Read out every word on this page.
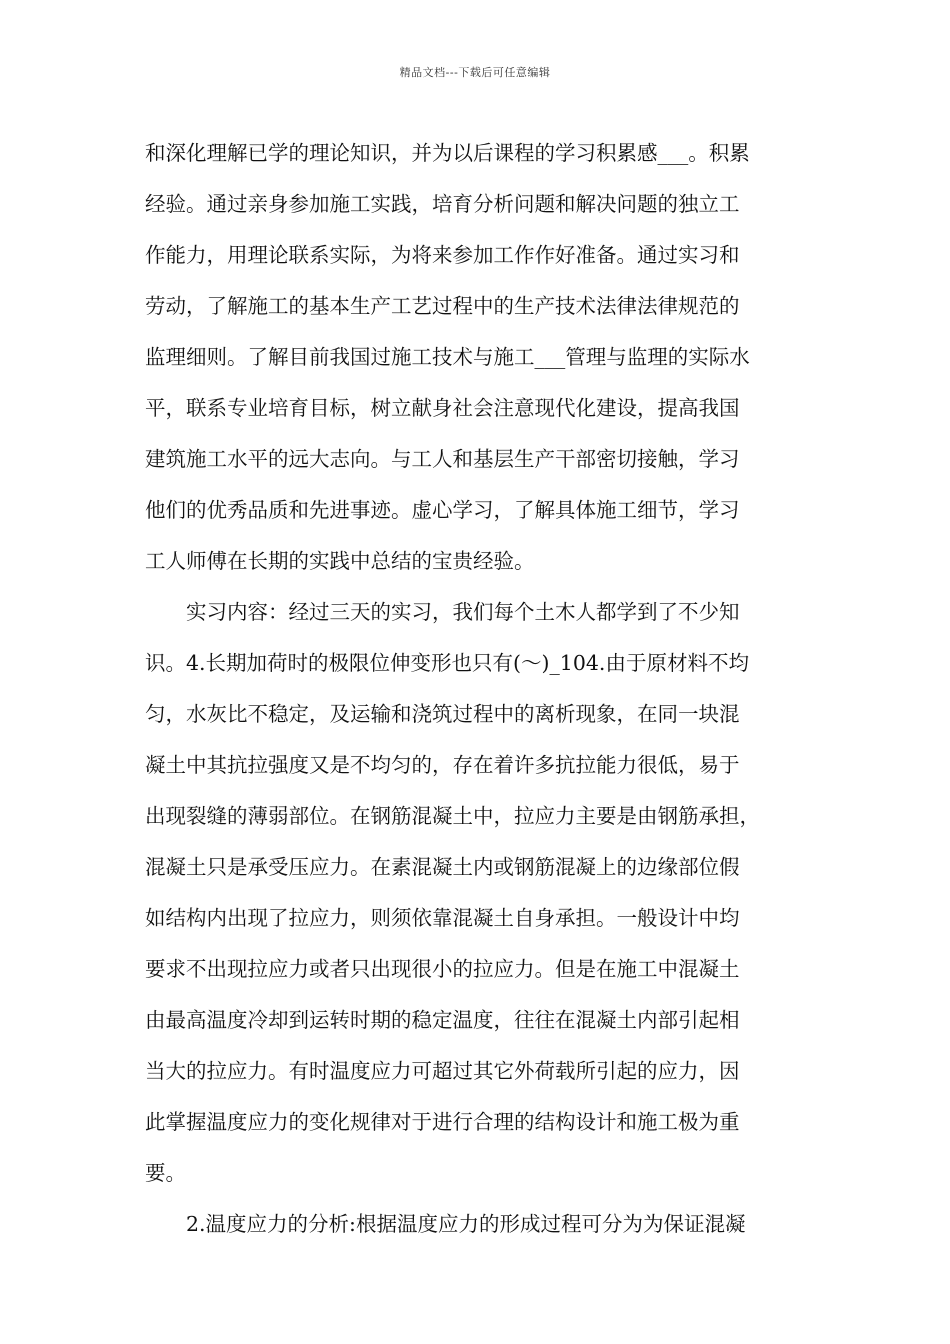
精品文档---下载后可任意编辑
和深化理解已学的理论知识，并为以后课程的学习积累感___。积累
经验。通过亲身参加施工实践，培育分析问题和解决问题的独立工
作能力，用理论联系实际，为将来参加工作作好准备。通过实习和
劳动，了解施工的基本生产工艺过程中的生产技术法律法律规范的
监理细则。了解目前我国过施工技术与施工___管理与监理的实际水
平，联系专业培育目标，树立献身社会注意现代化建设，提高我国
建筑施工水平的远大志向。与工人和基层生产干部密切接触，学习
他们的优秀品质和先进事迹。虚心学习，了解具体施工细节，学习
工人师傅在长期的实践中总结的宝贵经验。
　　实习内容：经过三天的实习，我们每个土木人都学到了不少知
识。4.长期加荷时的极限位伸变形也只有(～)_104.由于原材料不均
匀，水灰比不稳定，及运输和浇筑过程中的离析现象，在同一块混
凝土中其抗拉强度又是不均匀的，存在着许多抗拉能力很低，易于
出现裂缝的薄弱部位。在钢筋混凝土中，拉应力主要是由钢筋承担，
混凝土只是承受压应力。在素混凝土内或钢筋混凝上的边缘部位假
如结构内出现了拉应力，则须依靠混凝土自身承担。一般设计中均
要求不出现拉应力或者只出现很小的拉应力。但是在施工中混凝土
由最高温度冷却到运转时期的稳定温度，往往在混凝土内部引起相
当大的拉应力。有时温度应力可超过其它外荷载所引起的应力，因
此掌握温度应力的变化规律对于进行合理的结构设计和施工极为重
要。
　　2.温度应力的分析:根据温度应力的形成过程可分为为保证混凝
